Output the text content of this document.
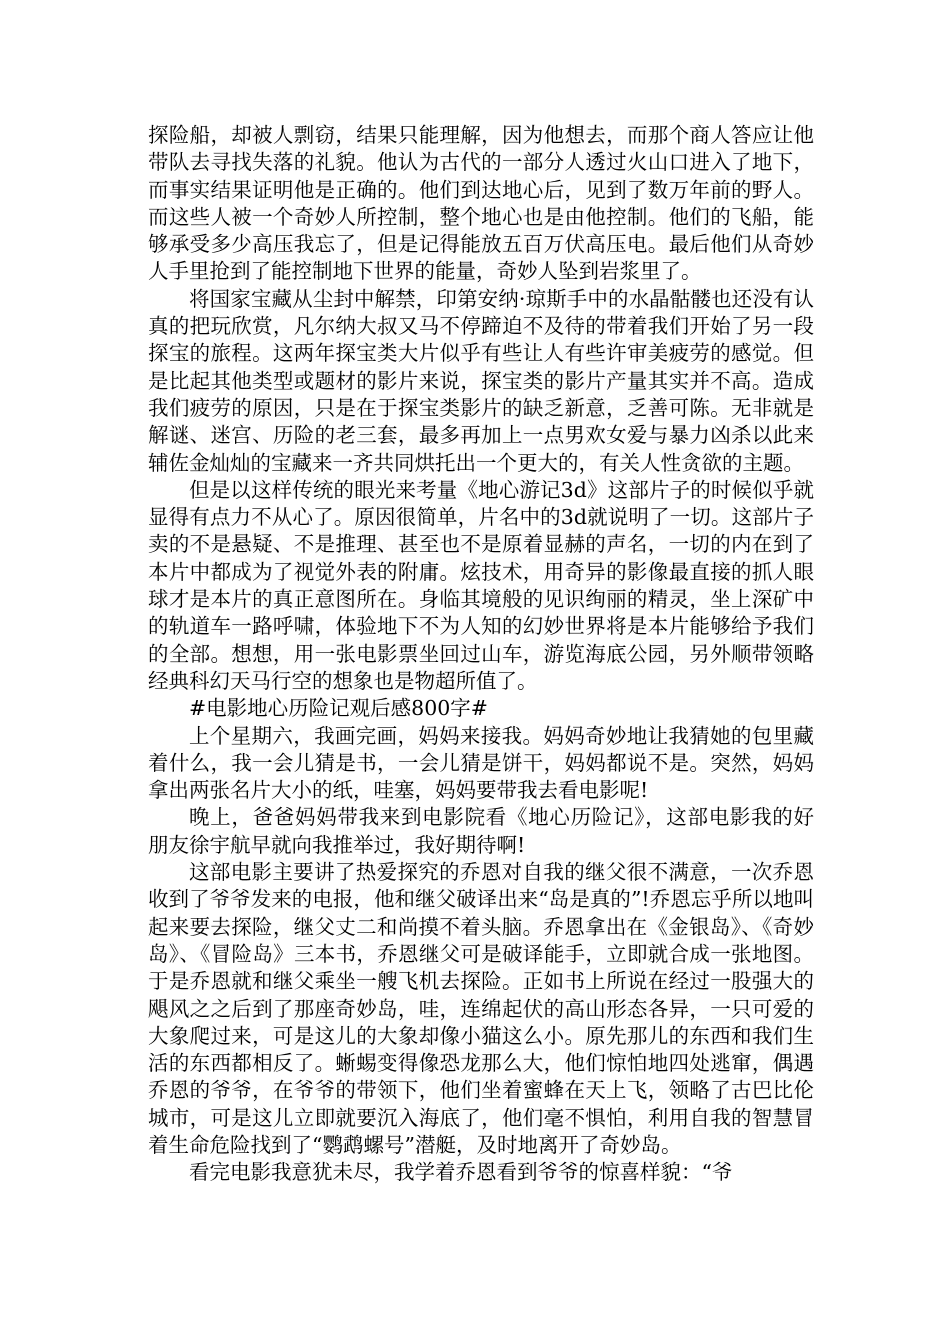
探险船，却被人剽窃，结果只能理解，因为他想去，而那个商人答应让他带队去寻找失落的礼貌。他认为古代的一部分人透过火山口进入了地下，而事实结果证明他是正确的。他们到达地心后，见到了数万年前的野人。而这些人被一个奇妙人所控制，整个地心也是由他控制。他们的飞船，能够承受多少高压我忘了，但是记得能放五百万伏高压电。最后他们从奇妙人手里抢到了能控制地下世界的能量，奇妙人坠到岩浆里了。

将国家宝藏从尘封中解禁，印第安纳·琼斯手中的水晶骷髅也还没有认真的把玩欣赏，凡尔纳大叔又马不停蹄迫不及待的带着我们开始了另一段探宝的旅程。这两年探宝类大片似乎有些让人有些许审美疲劳的感觉。但是比起其他类型或题材的影片来说，探宝类的影片产量其实并不高。造成我们疲劳的原因，只是在于探宝类影片的缺乏新意，乏善可陈。无非就是解谜、迷宫、历险的老三套，最多再加上一点男欢女爱与暴力凶杀以此来辅佐金灿灿的宝藏来一齐共同烘托出一个更大的，有关人性贪欲的主题。

但是以这样传统的眼光来考量《地心游记3d》这部片子的时候似乎就显得有点力不从心了。原因很简单，片名中的3d就说明了一切。这部片子卖的不是悬疑、不是推理、甚至也不是原着显赫的声名，一切的内在到了本片中都成为了视觉外表的附庸。炫技术，用奇异的影像最直接的抓人眼球才是本片的真正意图所在。身临其境般的见识绚丽的精灵，坐上深矿中的轨道车一路呼啸，体验地下不为人知的幻妙世界将是本片能够给予我们的全部。想想，用一张电影票坐回过山车，游览海底公园，另外顺带领略经典科幻天马行空的想象也是物超所值了。

#电影地心历险记观后感800字#

上个星期六，我画完画，妈妈来接我。妈妈奇妙地让我猜她的包里藏着什么，我一会儿猜是书，一会儿猜是饼干，妈妈都说不是。突然，妈妈拿出两张名片大小的纸，哇塞，妈妈要带我去看电影呢!

晚上，爸爸妈妈带我来到电影院看《地心历险记》，这部电影我的好朋友徐宇航早就向我推举过，我好期待啊!

这部电影主要讲了热爱探究的乔恩对自我的继父很不满意，一次乔恩收到了爷爷发来的电报，他和继父破译出来“岛是真的”!乔恩忘乎所以地叫起来要去探险，继父丈二和尚摸不着头脑。乔恩拿出在《金银岛》、《奇妙岛》、《冒险岛》三本书，乔恩继父可是破译能手，立即就合成一张地图。于是乔恩就和继父乘坐一艘飞机去探险。正如书上所说在经过一股强大的飓风之之后到了那座奇妙岛，哇，连绵起伏的高山形态各异，一只可爱的大象爬过来，可是这儿的大象却像小猫这么小。原先那儿的东西和我们生活的东西都相反了。蜥蜴变得像恐龙那么大，他们惊怕地四处逃窜，偶遇乔恩的爷爷，在爷爷的带领下，他们坐着蜜蜂在天上飞，领略了古巴比伦城市，可是这儿立即就要沉入海底了，他们毫不惧怕，利用自我的智慧冒着生命危险找到了“鹦鹉螺号”潜艇，及时地离开了奇妙岛。

看完电影我意犹未尽，我学着乔恩看到爷爷的惊喜样貌：“爷
